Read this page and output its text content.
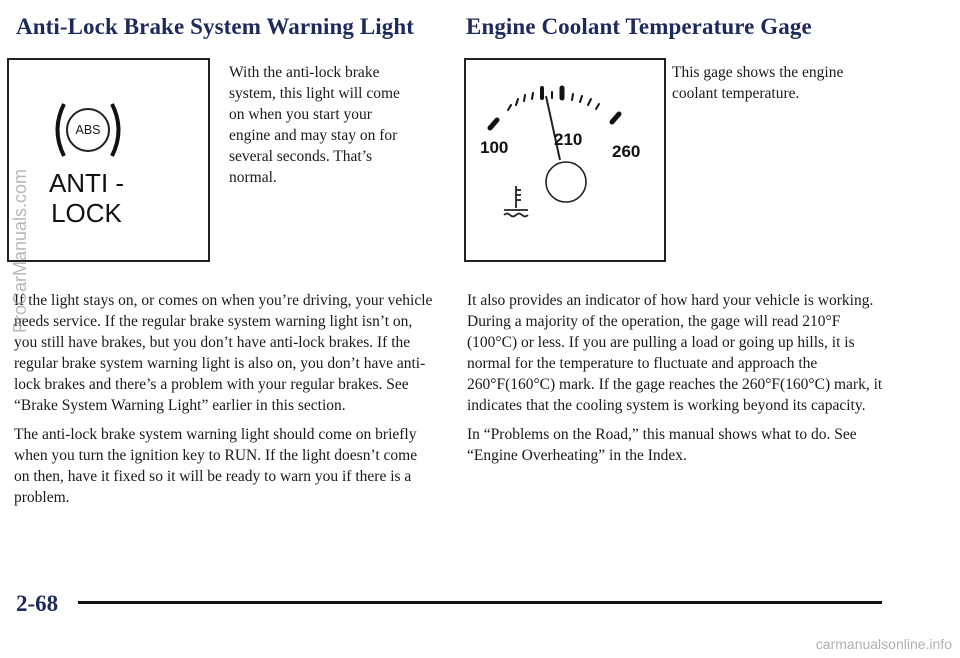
Anti-Lock Brake System Warning Light
ABS
ANTI -
LOCK
With the anti-lock brake system, this light will come on when you start your engine and may stay on for several seconds. That’s normal.

If the light stays on, or comes on when you’re driving, your vehicle needs service. If the regular brake system warning light isn’t on, you still have brakes, but you don’t have anti-lock brakes. If the regular brake system warning light is also on, you don’t have anti-lock brakes and there’s a problem with your regular brakes. See “Brake System Warning Light” earlier in this section.

The anti-lock brake system warning light should come on briefly when you turn the ignition key to RUN. If the light doesn’t come on then, have it fixed so it will be ready to warn you if there is a problem.

Engine Coolant Temperature Gage
100	210
260
This gage shows the engine coolant temperature.

It also provides an indicator of how hard your vehicle is working. During a majority of the operation, the gage will read 210°F (100°C) or less. If you are pulling a load or going up hills, it is normal for the temperature to fluctuate and approach the 260°F(160°C) mark. If the gage reaches the 260°F(160°C) mark, it indicates that the cooling system is working beyond its capacity.

In “Problems on the Road,” this manual shows what to do. See “Engine Overheating” in the Index.

2-68

ProCarManuals.com
carmanualsonline.info
